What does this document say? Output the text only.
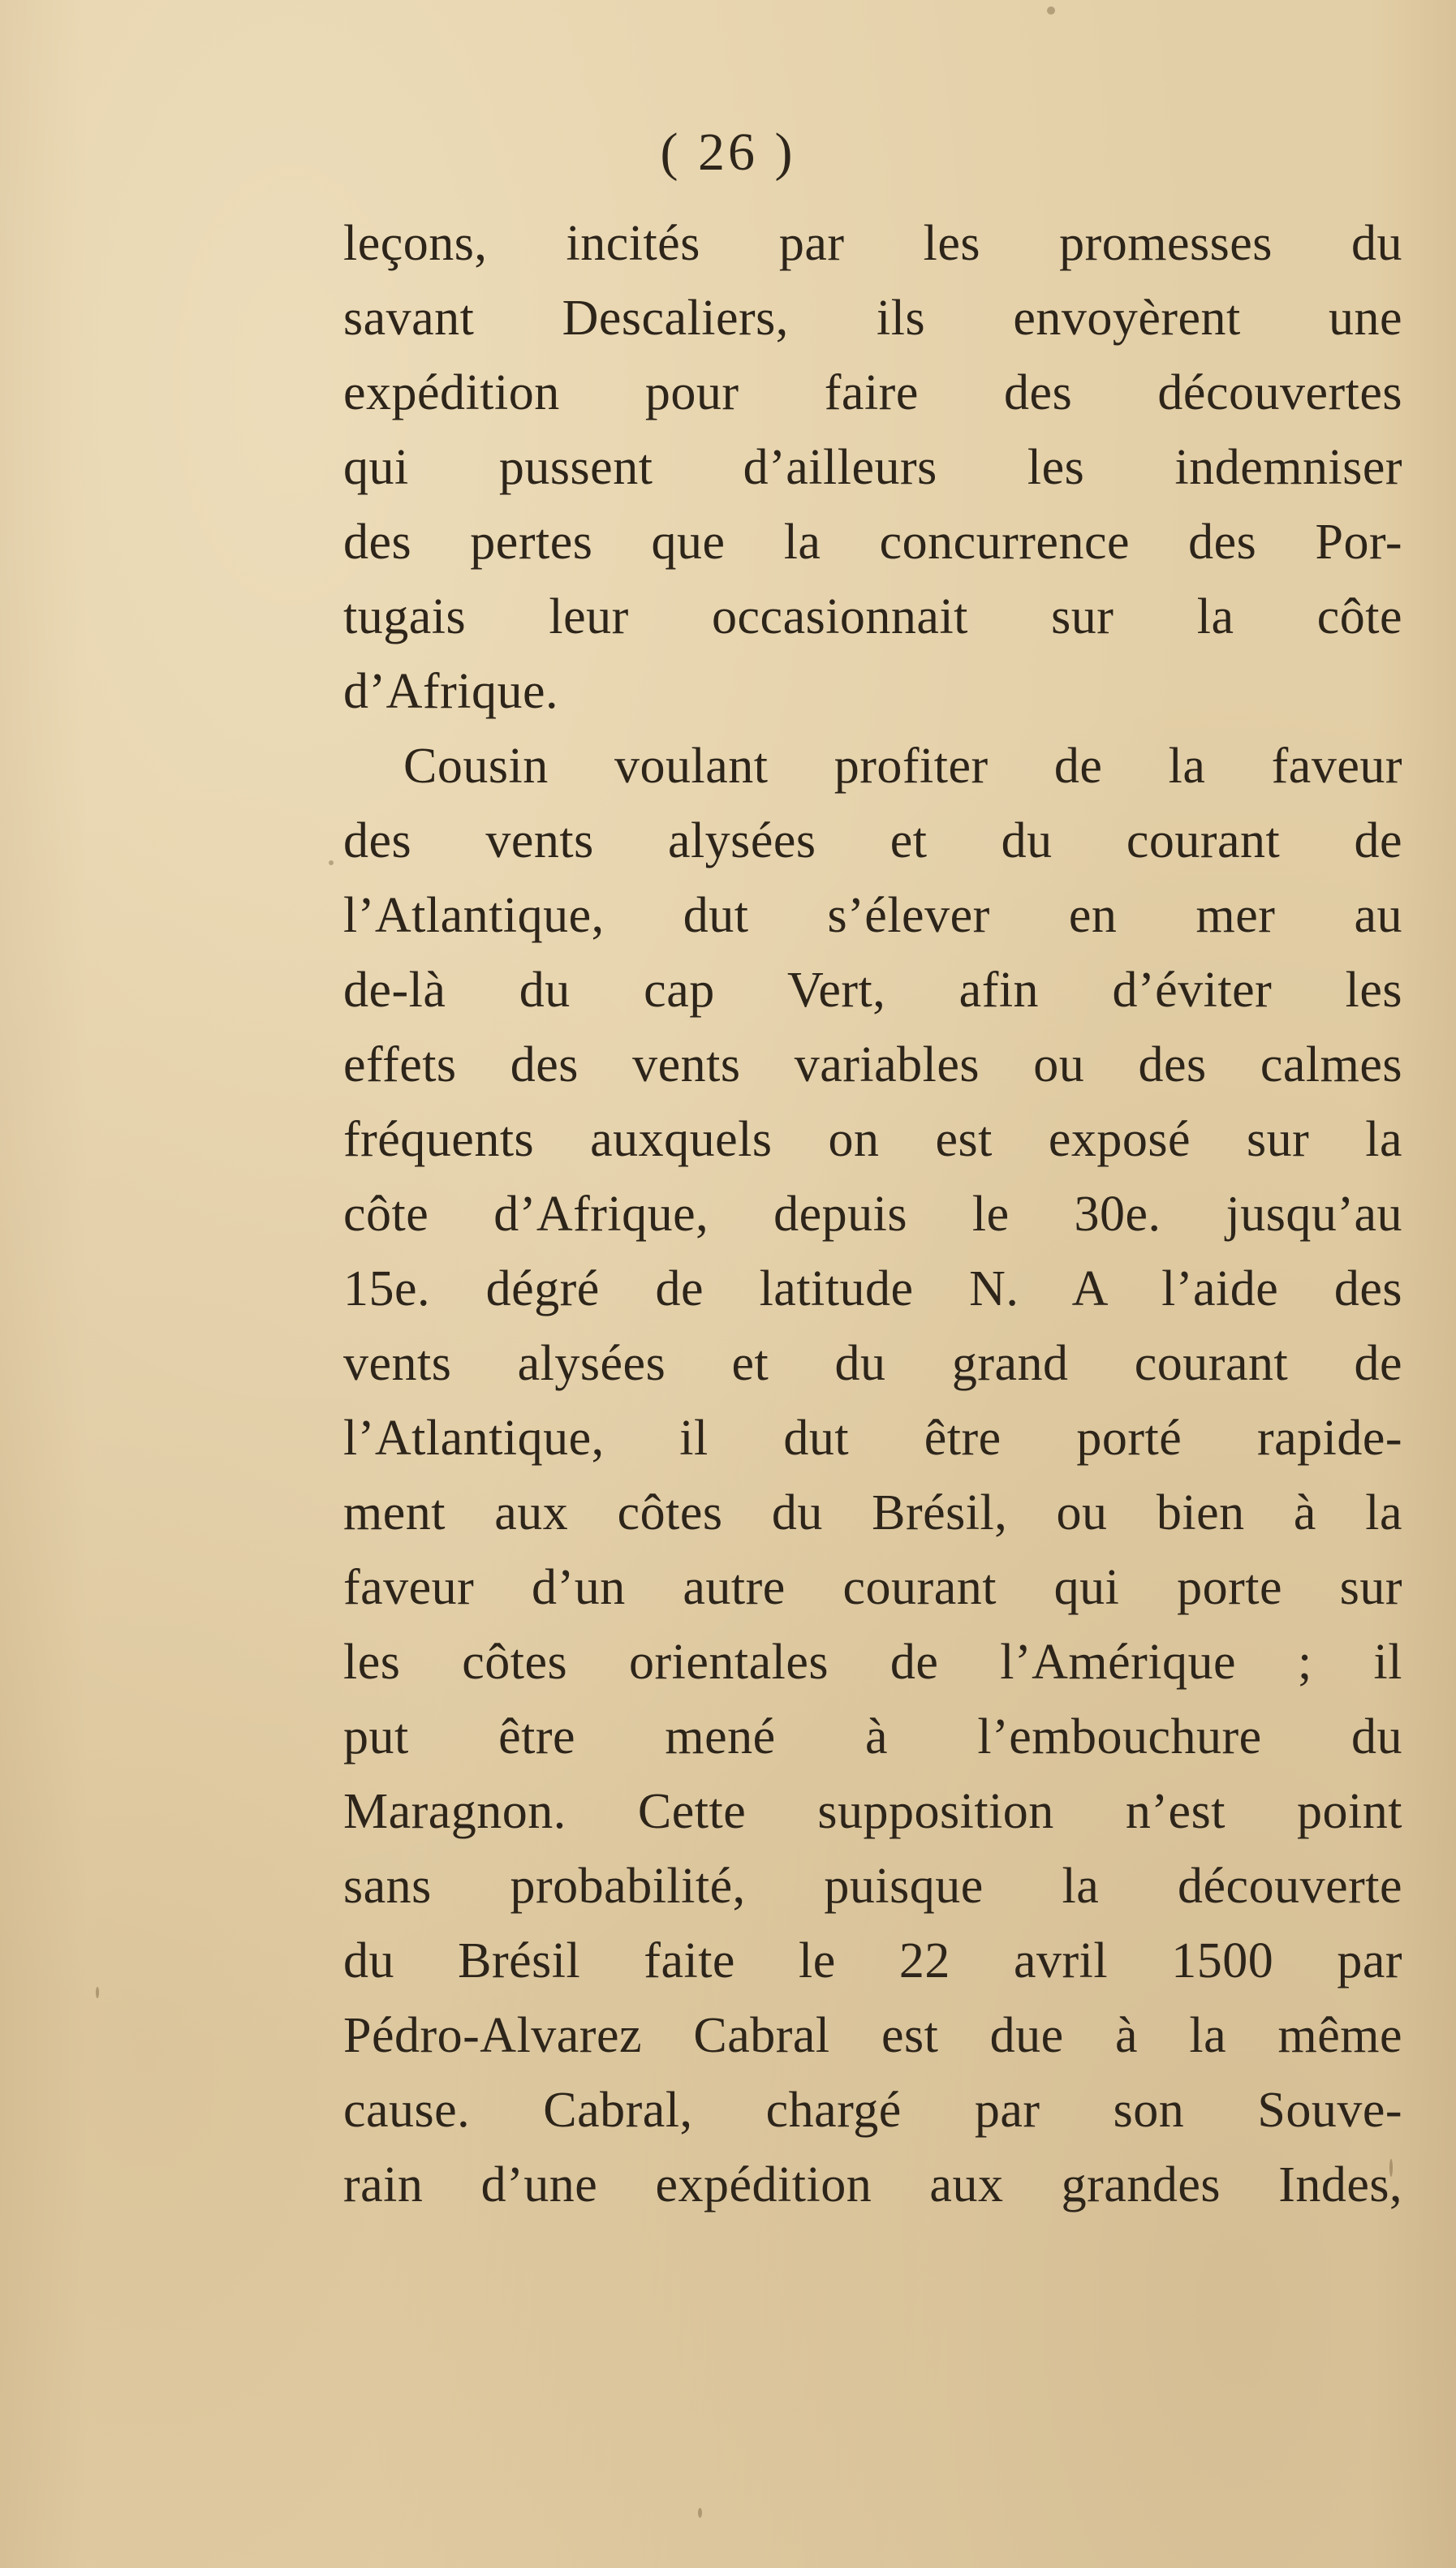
( 26 )
leçons, incités par les promesses du
savant Descaliers, ils envoyèrent une
expédition pour faire des découvertes
qui pussent d’ailleurs les indemniser
des pertes que la concurrence des Por-
tugais leur occasionnait sur la côte
d’Afrique.
Cousin voulant profiter de la faveur
des vents alysées et du courant de
l’Atlantique, dut s’élever en mer au
de-là du cap Vert, afin d’éviter les
effets des vents variables ou des calmes
fréquents auxquels on est exposé sur la
côte d’Afrique, depuis le 30e. jusqu’au
15e. dégré de latitude N. A l’aide des
vents alysées et du grand courant de
l’Atlantique, il dut être porté rapide-
ment aux côtes du Brésil, ou bien à la
faveur d’un autre courant qui porte sur
les côtes orientales de l’Amérique ; il
put être mené à l’embouchure du
Maragnon. Cette supposition n’est point
sans probabilité, puisque la découverte
du Brésil faite le 22 avril 1500 par
Pédro-Alvarez Cabral est due à la même
cause. Cabral, chargé par son Souve-
rain d’une expédition aux grandes Indes,
